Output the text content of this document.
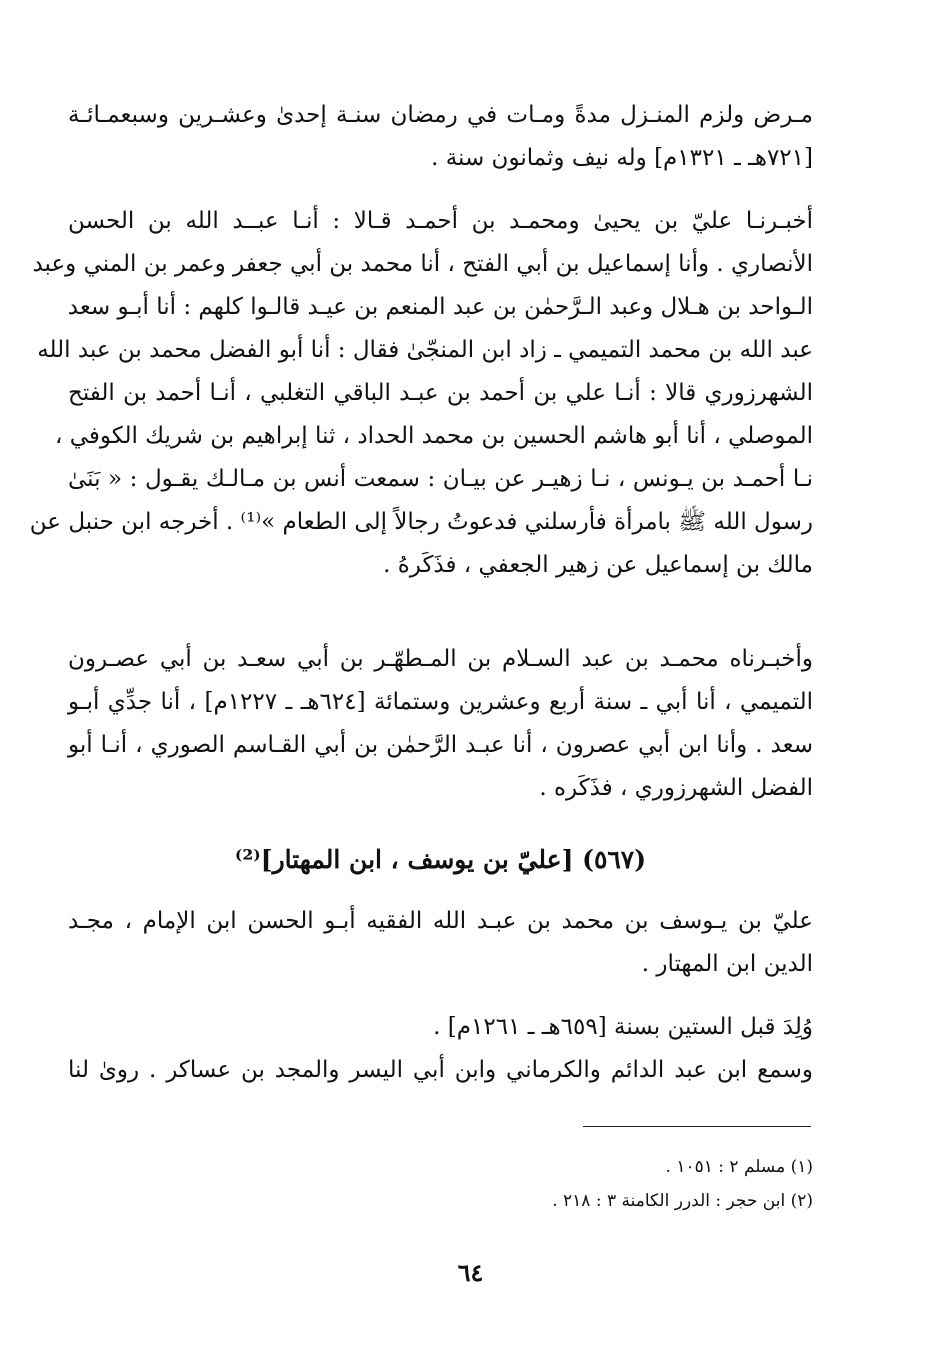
مـرض ولزم المنـزل مدةً ومـات في رمضان سنـة إحدىٰ وعشـرين وسبعمـائـة
[٧٢١هـ ـ ١٣٢١م] وله نيف وثمانون سنة .
أخبـرنـا عليّ بن يحيىٰ ومحمـد بن أحمـد قـالا : أنـا عبــد الله بن الحسن
الأنصاري . وأنا إسماعيل بن أبي الفتح ، أنا محمد بن أبي جعفر وعمر بن المني وعبد
الـواحد بن هـلال وعبد الـرَّحمٰن بن عبد المنعم بن عيـد قالـوا كلهم : أنا أبـو سعد
عبد الله بن محمد التميمي ـ زاد ابن المنجّىٰ فقال : أنا أبو الفضل محمد بن عبد الله
الشهرزوري قالا : أنـا علي بن أحمد بن عبـد الباقي التغلبي ، أنـا أحمد بن الفتح
الموصلي ، أنا أبو هاشم الحسين بن محمد الحداد ، ثنا إبراهيم بن شريك الكوفي ،
نـا أحمـد بن يـونس ، نـا زهيـر عن بيـان : سمعت أنس بن مـالـك يقـول : « بَنَىٰ
رسول الله ﷺ بامرأة فأرسلني فدعوتُ رجالاً إلى الطعام »⁽¹⁾ . أخرجه ابن حنبل عن
مالك بن إسماعيل عن زهير الجعفي ، فذَكَرهُ .
وأخبـرناه محمـد بن عبد السـلام بن المـطهّـر بن أبي سعـد بن أبي عصـرون
التميمي ، أنا أبي ـ سنة أربع وعشرين وستمائة [٦٢٤هـ ـ ١٢٢٧م] ، أنا جدِّي أبـو
سعد . وأنا ابن أبي عصرون ، أنا عبـد الرَّحمٰن بن أبي القـاسم الصوري ، أنـا أبو
الفضل الشهرزوري ، فذَكَره .
(٥٦٧) [عليّ بن يوسف ، ابن المهتار]⁽²⁾
عليّ بن يـوسف بن محمد بن عبـد الله الفقيه أبـو الحسن ابن الإمام ، مجـد
الدين ابن المهتار .
وُلِدَ قبل الستين بسنة [٦٥٩هـ ـ ١٢٦١م] .
وسمع ابن عبد الدائم والكرماني وابن أبي اليسر والمجد بن عساكر . روىٰ لنا
(١) مسلم ٢ : ١٠٥١ .
(٢) ابن حجر : الدرر الكامنة ٣ : ٢١٨ .
٦٤
